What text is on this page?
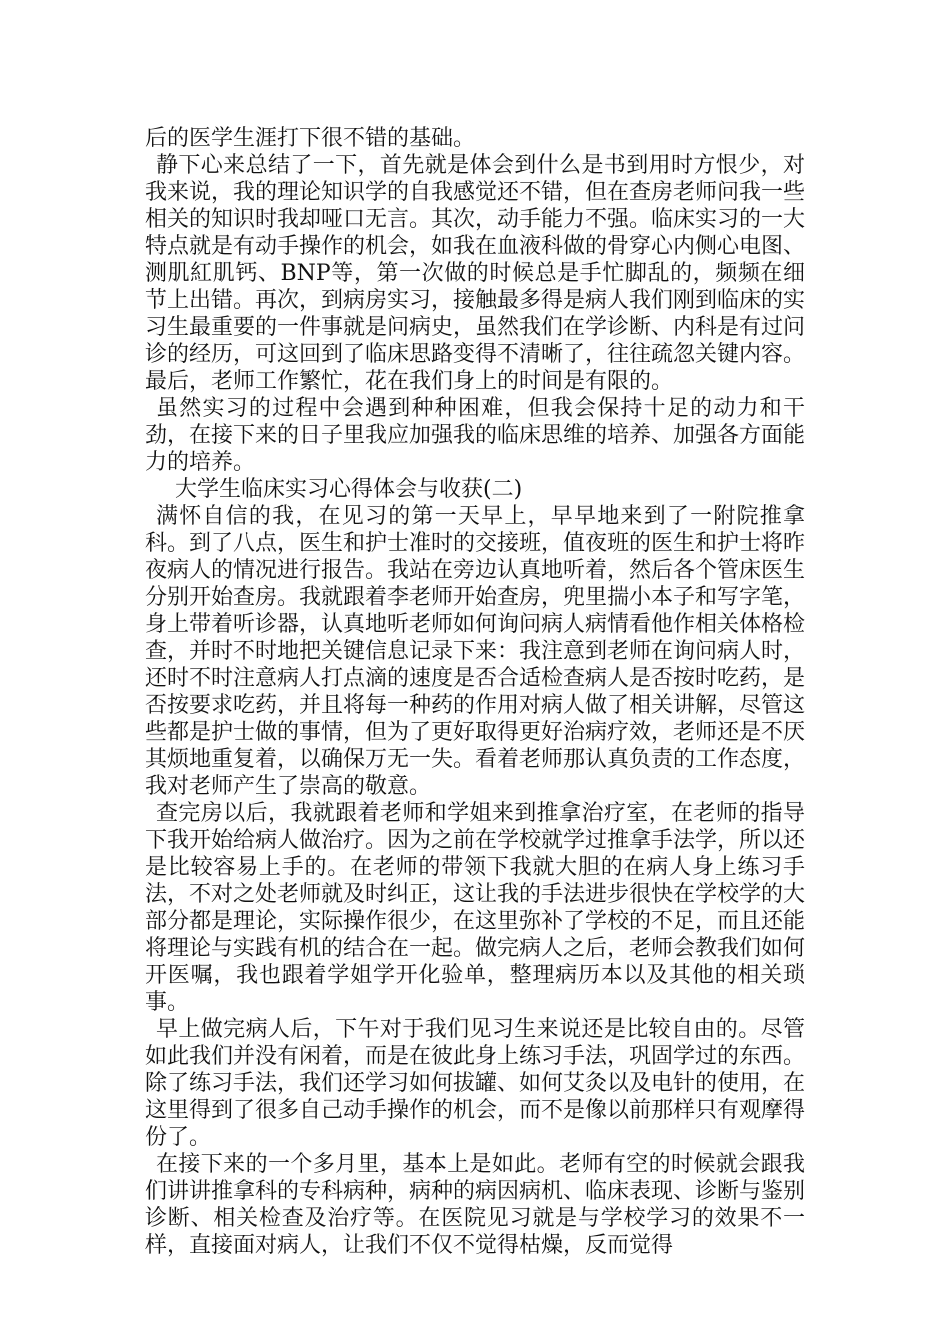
后的医学生涯打下很不错的基础。

静下心来总结了一下，首先就是体会到什么是书到用时方恨少，对我来说，我的理论知识学的自我感觉还不错，但在查房老师问我一些相关的知识时我却哑口无言。其次，动手能力不强。临床实习的一大特点就是有动手操作的机会，如我在血液科做的骨穿心内侧心电图、测肌紅肌钙、BNP等，第一次做的时候总是手忙脚乱的，频频在细节上出错。再次，到病房实习，接触最多得是病人我们刚到临床的实习生最重要的一件事就是问病史，虽然我们在学诊断、内科是有过问诊的经历，可这回到了临床思路变得不清晰了，往往疏忽关键内容。最后，老师工作繁忙，花在我们身上的时间是有限的。

虽然实习的过程中会遇到种种困难，但我会保持十足的动力和干劲，在接下来的日子里我应加强我的临床思维的培养、加强各方面能力的培养。

大学生临床实习心得体会与收获(二)

满怀自信的我，在见习的第一天早上，早早地来到了一附院推拿科。到了八点，医生和护士准时的交接班，值夜班的医生和护士将昨夜病人的情况进行报告。我站在旁边认真地听着，然后各个管床医生分别开始查房。我就跟着李老师开始查房，兜里揣小本子和写字笔，身上带着听诊器，认真地听老师如何询问病人病情看他作相关体格检查，并时不时地把关键信息记录下来：我注意到老师在询问病人时，还时不时注意病人打点滴的速度是否合适检查病人是否按时吃药，是否按要求吃药，并且将每一种药的作用对病人做了相关讲解，尽管这些都是护士做的事情，但为了更好取得更好治病疗效，老师还是不厌其烦地重复着，以确保万无一失。看着老师那认真负责的工作态度，我对老师产生了崇高的敬意。

查完房以后，我就跟着老师和学姐来到推拿治疗室，在老师的指导下我开始给病人做治疗。因为之前在学校就学过推拿手法学，所以还是比较容易上手的。在老师的带领下我就大胆的在病人身上练习手法，不对之处老师就及时纠正，这让我的手法进步很快在学校学的大部分都是理论，实际操作很少，在这里弥补了学校的不足，而且还能将理论与实践有机的结合在一起。做完病人之后，老师会教我们如何开医嘱，我也跟着学姐学开化验单，整理病历本以及其他的相关琐事。

早上做完病人后，下午对于我们见习生来说还是比较自由的。尽管如此我们并没有闲着，而是在彼此身上练习手法，巩固学过的东西。除了练习手法，我们还学习如何拔罐、如何艾灸以及电针的使用，在这里得到了很多自己动手操作的机会，而不是像以前那样只有观摩得份了。

在接下来的一个多月里，基本上是如此。老师有空的时候就会跟我们讲讲推拿科的专科病种，病种的病因病机、临床表现、诊断与鉴别诊断、相关检查及治疗等。在医院见习就是与学校学习的效果不一样，直接面对病人，让我们不仅不觉得枯燥，反而觉得
